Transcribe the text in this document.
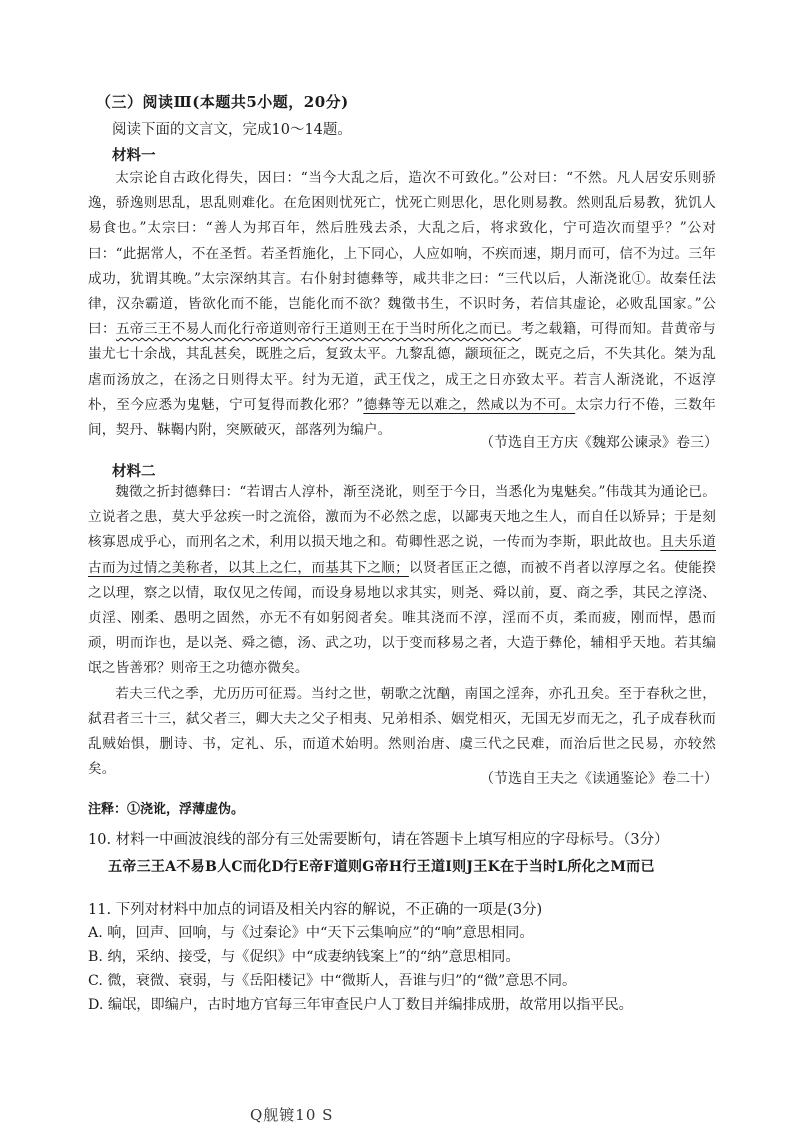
（三）阅读Ⅲ(本题共5小题，20分)
阅读下面的文言文，完成10～14题。
材料一
太宗论自古政化得失，因曰：“当今大乱之后，造次不可致化。”公对曰：“不然。凡人居安乐则骄逸，骄逸则思乱，思乱则难化。在危困则忧死亡，忧死亡则思化，思化则易教。然则乱后易教，犹饥人易食也。”太宗曰：“善人为邦百年，然后胜残去杀，大乱之后，将求致化，宁可造次而望乎？”公对曰：“此据常人，不在圣哲。若圣哲施化，上下同心，人应如响，不疾而速，期月而可，信不为过。三年成功，犹谓其晚。”太宗深纳其言。右仆射封德彝等，咸共非之曰：“三代以后，人渐浇讹①。故秦任法律，汉杂霸道，皆欲化而不能，岂能化而不欲？魏徵书生，不识时务，若信其虚论，必败乱国家。”公曰：五帝三王不易人而化行帝道则帝行王道则王在于当时所化之而已。考之载籍，可得而知。昔黄帝与蚩尤七十余战，其乱甚矣，既胜之后，复致太平。九黎乱德，颛顼征之，既克之后，不失其化。桀为乱虐而汤放之，在汤之日则得太平。纣为无道，武王伐之，成王之日亦致太平。若言人渐浇讹，不返淳朴，至今应悉为鬼魅，宁可复得而教化邪？”德彝等无以难之，然咸以为不可。太宗力行不倦，三数年间，契丹、靺鞨内附，突厥破灭，部落列为编户。
（节选自王方庆《魏郑公谏录》卷三）
材料二

魏徵之折封德彝曰：“若谓古人淳朴，渐至浇讹，则至于今日，当悉化为鬼魅矣。”伟哉其为通论已。立说者之患，莫大乎忿疾一时之流俗，激而为不必然之虑，以鄙夷天地之生人，而自任以矫异；于是刻核寡恩成乎心，而刑名之术，利用以损天地之和。荀卿性恶之说，一传而为李斯，职此故也。且夫乐道古而为过情之美称者，以其上之仁，而基其下之顺；以贤者匡正之德，而被不肖者以淳厚之名。使能揆之以理，察之以情，取仅见之传闻，而设身易地以求其实，则尧、舜以前，夏、商之季，其民之淳浇、贞淫、刚柔、愚明之固然，亦无不有如躬阅者矣。唯其浇而不淳，淫而不贞，柔而疲，刚而悍，愚而顽，明而诈也，是以尧、舜之德，汤、武之功，以于变而移易之者，大造于彝伦，辅相乎天地。若其编氓之皆善邪？则帝王之功德亦微矣。

若夫三代之季，尤历历可征焉。当纣之世，朝歌之沈酗，南国之淫奔，亦孔丑矣。至于春秋之世，弑君者三十三，弑父者三，卿大夫之父子相夷、兄弟相杀、姻党相灭，无国无岁而无之，孔子成春秋而乱贼始惧，删诗、书，定礼、乐，而道术始明。然则治唐、虞三代之民难，而治后世之民易，亦较然矣。

（节选自王夫之《读通鉴论》卷二十）
注释：①浇讹，浮薄虚伪。
10. 材料一中画波浪线的部分有三处需要断句，请在答题卡上填写相应的字母标号。（3分）
五帝三王A不易B人C而化D行E帝F道则G帝H行王道I则J王K在于当时L所化之M而已
11. 下列对材料中加点的词语及相关内容的解说，不正确的一项是(3分)
A. 响，回声、回响，与《过秦论》中“天下云集响应”的“响”意思相同。
B. 纳，采纳、接受，与《促织》中“成妻纳钱案上”的“纳”意思相同。
C. 微，衰微、衰弱，与《岳阳楼记》中“微斯人，吾谁与归”的“微”意思不同。
D. 编氓，即编户，古时地方官每三年审查民户人丁数目并编排成册，故常用以指平民。
Q舰镀10 S
